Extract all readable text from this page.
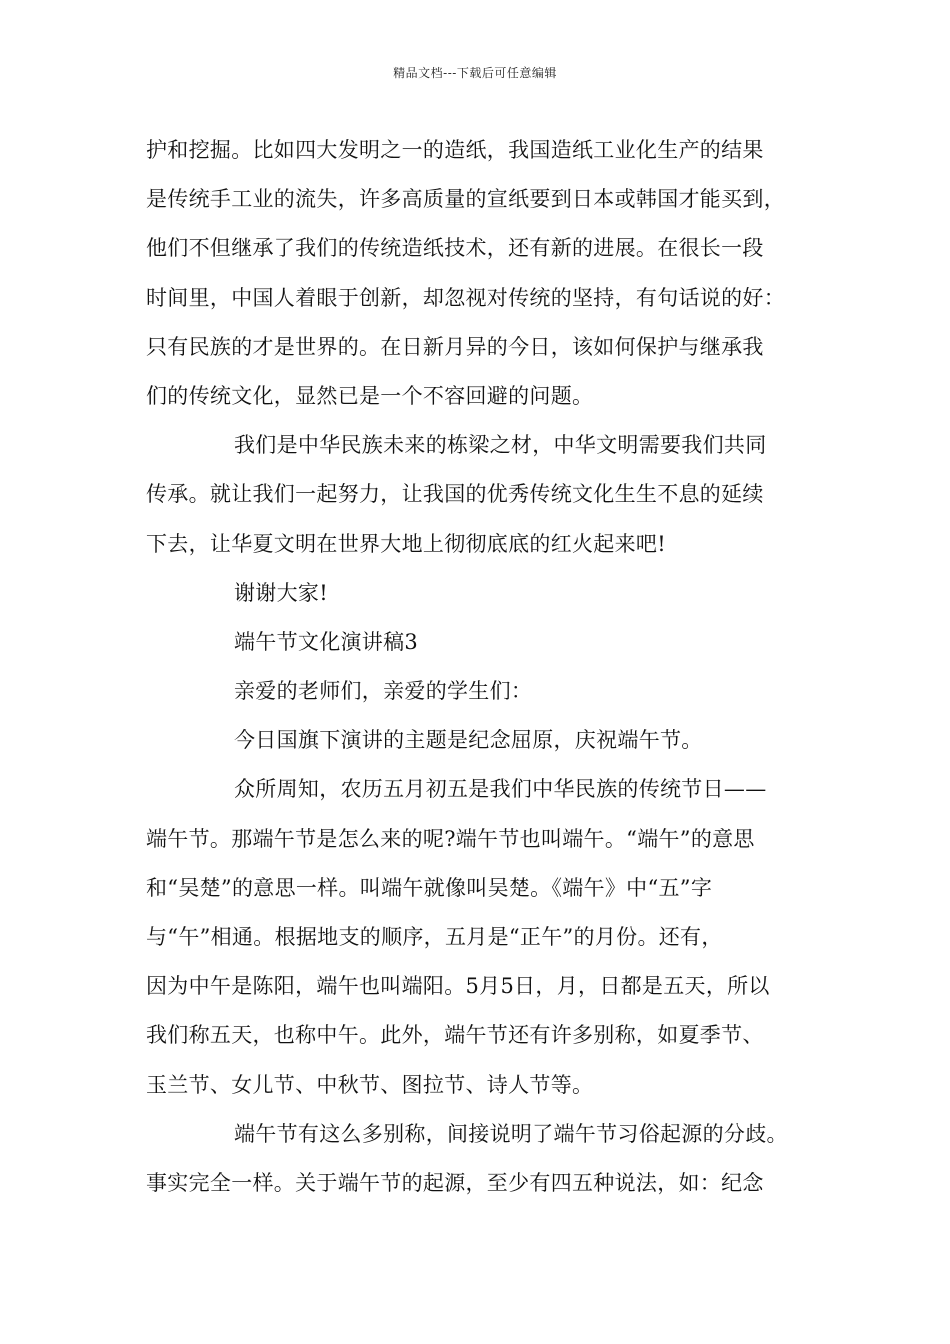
精品文档---下载后可任意编辑
护和挖掘。比如四大发明之一的造纸，我国造纸工业化生产的结果
是传统手工业的流失，许多高质量的宣纸要到日本或韩国才能买到，
他们不但继承了我们的传统造纸技术，还有新的进展。在很长一段
时间里，中国人着眼于创新，却忽视对传统的坚持，有句话说的好：
只有民族的才是世界的。在日新月异的今日，该如何保护与继承我
们的传统文化，显然已是一个不容回避的问题。
我们是中华民族未来的栋梁之材，中华文明需要我们共同
传承。就让我们一起努力，让我国的优秀传统文化生生不息的延续
下去，让华夏文明在世界大地上彻彻底底的红火起来吧!
谢谢大家!
端午节文化演讲稿3
亲爱的老师们，亲爱的学生们：
今日国旗下演讲的主题是纪念屈原，庆祝端午节。
众所周知，农历五月初五是我们中华民族的传统节日——
端午节。那端午节是怎么来的呢?端午节也叫端午。“端午”的意思
和“吴楚”的意思一样。叫端午就像叫吴楚。《端午》中“五”字
与“午”相通。根据地支的顺序，五月是“正午”的月份。还有，
因为中午是陈阳，端午也叫端阳。5月5日，月，日都是五天，所以
我们称五天，也称中午。此外，端午节还有许多别称，如夏季节、
玉兰节、女儿节、中秋节、图拉节、诗人节等。
端午节有这么多别称，间接说明了端午节习俗起源的分歧。
事实完全一样。关于端午节的起源，至少有四五种说法，如：纪念
